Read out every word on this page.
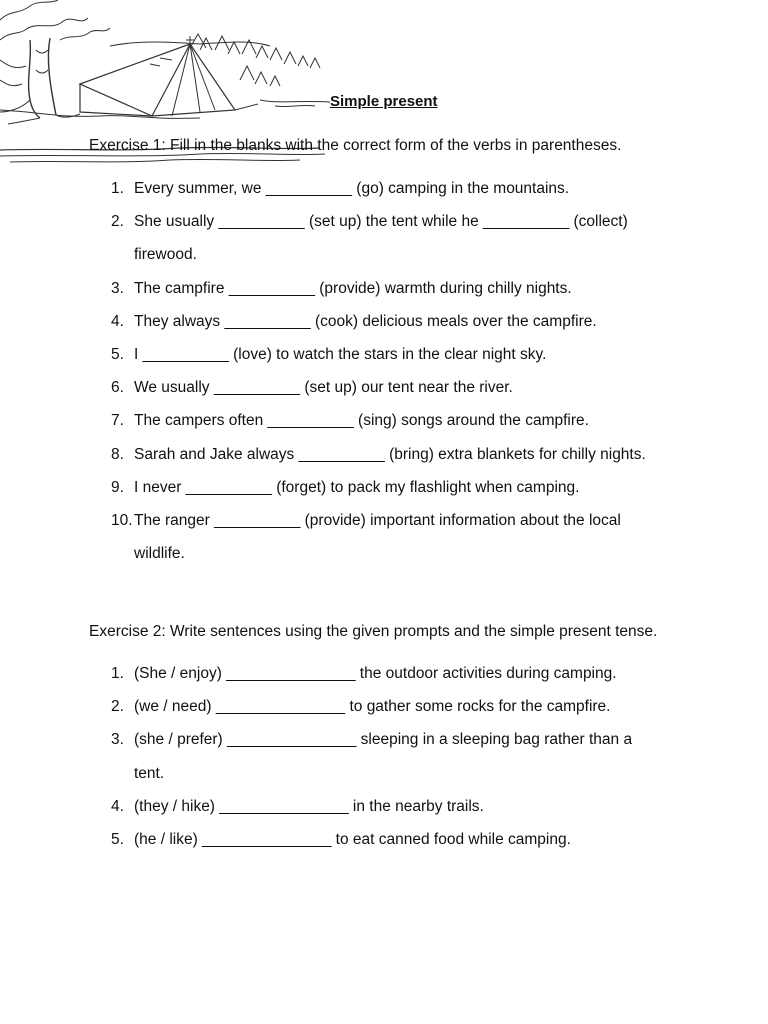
Simple present

Exercise 1: Fill in the blanks with the correct form of the verbs in parentheses.

1. Every summer, we __________ (go) camping in the mountains.
2. She usually __________ (set up) the tent while he __________ (collect)
firewood.
3. The campfire __________ (provide) warmth during chilly nights.
4. They always __________ (cook) delicious meals over the campfire.
5. I __________ (love) to watch the stars in the clear night sky.
6. We usually __________ (set up) our tent near the river.
7. The campers often __________ (sing) songs around the campfire.
8. Sarah and Jake always __________ (bring) extra blankets for chilly nights.
9. I never __________ (forget) to pack my flashlight when camping.
10. The ranger __________ (provide) important information about the local
wildlife.

Exercise 2: Write sentences using the given prompts and the simple present tense.

1. (She / enjoy) _______________ the outdoor activities during camping.
2. (we / need) _______________ to gather some rocks for the campfire.
3. (she / prefer) _______________ sleeping in a sleeping bag rather than a
tent.
4. (they / hike) _______________ in the nearby trails.
5. (he / like) _______________ to eat canned food while camping.
